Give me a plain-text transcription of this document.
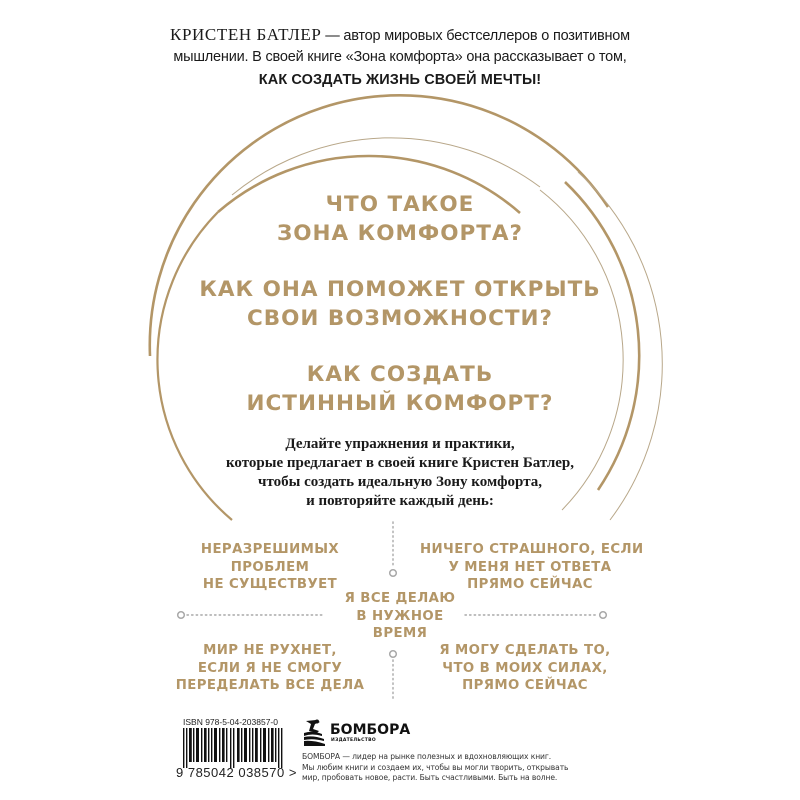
КРИСТЕН БАТЛЕР — автор мировых бестселлеров о позитивном
мышлении. В своей книге «Зона комфорта» она рассказывает о том,
КАК СОЗДАТЬ ЖИЗНЬ СВОЕЙ МЕЧТЫ!
ЧТО ТАКОЕ
ЗОНА КОМФОРТА?
КАК ОНА ПОМОЖЕТ ОТКРЫТЬ
СВОИ ВОЗМОЖНОСТИ?
КАК СОЗДАТЬ
ИСТИННЫЙ КОМФОРТ?
Делайте упражнения и практики,
которые предлагает в своей книге Кристен Батлер,
чтобы создать идеальную Зону комфорта,
и повторяйте каждый день:
НЕРАЗРЕШИМЫХ
ПРОБЛЕМ
НЕ СУЩЕСТВУЕТ
НИЧЕГО СТРАШНОГО, ЕСЛИ
У МЕНЯ НЕТ ОТВЕТА
ПРЯМО СЕЙЧАС
Я ВСЕ ДЕЛАЮ
В НУЖНОЕ
ВРЕМЯ
МИР НЕ РУХНЕТ,
ЕСЛИ Я НЕ СМОГУ
ПЕРЕДЕЛАТЬ ВСЕ ДЕЛА
Я МОГУ СДЕЛАТЬ ТО,
ЧТО В МОИХ СИЛАХ,
ПРЯМО СЕЙЧАС
ISBN 978-5-04-203857-0
9 785042 038570 >
БОМБОРА
ИЗДАТЕЛЬСТВО
БОМБОРА — лидер на рынке полезных и вдохновляющих книг.
Мы любим книги и создаем их, чтобы вы могли творить, открывать
мир, пробовать новое, расти. Быть счастливыми. Быть на волне.
